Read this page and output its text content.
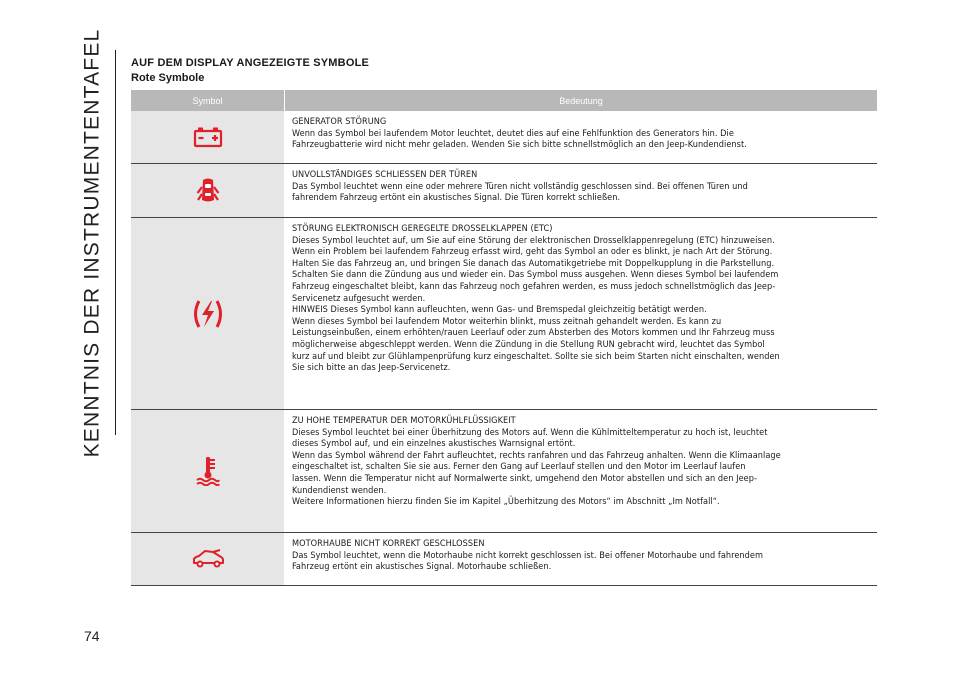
KENNTNIS DER INSTRUMENTENTAFEL
74
AUF DEM DISPLAY ANGEZEIGTE SYMBOLE
Rote Symbole
Symbol	Bedeutung
GENERATOR STÖRUNG
Wenn das Symbol bei laufendem Motor leuchtet, deutet dies auf eine Fehlfunktion des Generators hin. Die
Fahrzeugbatterie wird nicht mehr geladen. Wenden Sie sich bitte schnellstmöglich an den Jeep-Kundendienst.
UNVOLLSTÄNDIGES SCHLIESSEN DER TÜREN
Das Symbol leuchtet wenn eine oder mehrere Türen nicht vollständig geschlossen sind. Bei offenen Türen und
fahrendem Fahrzeug ertönt ein akustisches Signal. Die Türen korrekt schließen.
STÖRUNG ELEKTRONISCH GEREGELTE DROSSELKLAPPEN (ETC)
Dieses Symbol leuchtet auf, um Sie auf eine Störung der elektronischen Drosselklappenregelung (ETC) hinzuweisen.
Wenn ein Problem bei laufendem Fahrzeug erfasst wird, geht das Symbol an oder es blinkt, je nach Art der Störung.
Halten Sie das Fahrzeug an, und bringen Sie danach das Automatikgetriebe mit Doppelkupplung in die Parkstellung.
Schalten Sie dann die Zündung aus und wieder ein. Das Symbol muss ausgehen. Wenn dieses Symbol bei laufendem
Fahrzeug eingeschaltet bleibt, kann das Fahrzeug noch gefahren werden, es muss jedoch schnellstmöglich das Jeep-
Servicenetz aufgesucht werden.
HINWEIS Dieses Symbol kann aufleuchten, wenn Gas- und Bremspedal gleichzeitig betätigt werden.
Wenn dieses Symbol bei laufendem Motor weiterhin blinkt, muss zeitnah gehandelt werden. Es kann zu
Leistungseinbußen, einem erhöhten/rauen Leerlauf oder zum Absterben des Motors kommen und Ihr Fahrzeug muss
möglicherweise abgeschleppt werden. Wenn die Zündung in die Stellung RUN gebracht wird, leuchtet das Symbol
kurz auf und bleibt zur Glühlampenprüfung kurz eingeschaltet. Sollte sie sich beim Starten nicht einschalten, wenden
Sie sich bitte an das Jeep-Servicenetz.
ZU HOHE TEMPERATUR DER MOTORKÜHLFLÜSSIGKEIT
Dieses Symbol leuchtet bei einer Überhitzung des Motors auf. Wenn die Kühlmitteltemperatur zu hoch ist, leuchtet
dieses Symbol auf, und ein einzelnes akustisches Warnsignal ertönt.
Wenn das Symbol während der Fahrt aufleuchtet, rechts ranfahren und das Fahrzeug anhalten. Wenn die Klimaanlage
eingeschaltet ist, schalten Sie sie aus. Ferner den Gang auf Leerlauf stellen und den Motor im Leerlauf laufen
lassen. Wenn die Temperatur nicht auf Normalwerte sinkt, umgehend den Motor abstellen und sich an den Jeep-
Kundendienst wenden.
Weitere Informationen hierzu finden Sie im Kapitel „Überhitzung des Motors“ im Abschnitt „Im Notfall“.
MOTORHAUBE NICHT KORREKT GESCHLOSSEN
Das Symbol leuchtet, wenn die Motorhaube nicht korrekt geschlossen ist. Bei offener Motorhaube und fahrendem
Fahrzeug ertönt ein akustisches Signal. Motorhaube schließen.
